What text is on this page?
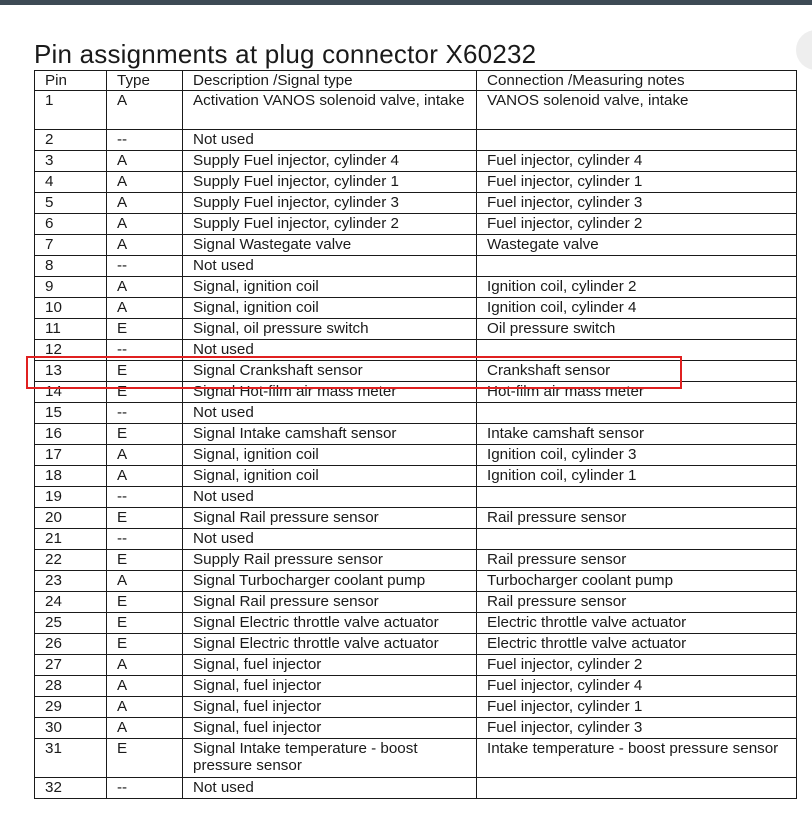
Pin assignments at plug connector X60232
Pin	Type	Description /Signal type	Connection /Measuring notes
1	A	Activation VANOS solenoid valve, intake	VANOS solenoid valve, intake
2	--	Not used	
3	A	Supply Fuel injector, cylinder 4	Fuel injector, cylinder 4
4	A	Supply Fuel injector, cylinder 1	Fuel injector, cylinder 1
5	A	Supply Fuel injector, cylinder 3	Fuel injector, cylinder 3
6	A	Supply Fuel injector, cylinder 2	Fuel injector, cylinder 2
7	A	Signal Wastegate valve	Wastegate valve
8	--	Not used	
9	A	Signal, ignition coil	Ignition coil, cylinder 2
10	A	Signal, ignition coil	Ignition coil, cylinder 4
11	E	Signal, oil pressure switch	Oil pressure switch
12	--	Not used	
13	E	Signal Crankshaft sensor	Crankshaft sensor
14	E	Signal Hot-film air mass meter	Hot-film air mass meter
15	--	Not used	
16	E	Signal Intake camshaft sensor	Intake camshaft sensor
17	A	Signal, ignition coil	Ignition coil, cylinder 3
18	A	Signal, ignition coil	Ignition coil, cylinder 1
19	--	Not used	
20	E	Signal Rail pressure sensor	Rail pressure sensor
21	--	Not used	
22	E	Supply Rail pressure sensor	Rail pressure sensor
23	A	Signal Turbocharger coolant pump	Turbocharger coolant pump
24	E	Signal Rail pressure sensor	Rail pressure sensor
25	E	Signal Electric throttle valve actuator	Electric throttle valve actuator
26	E	Signal Electric throttle valve actuator	Electric throttle valve actuator
27	A	Signal, fuel injector	Fuel injector, cylinder 2
28	A	Signal, fuel injector	Fuel injector, cylinder 4
29	A	Signal, fuel injector	Fuel injector, cylinder 1
30	A	Signal, fuel injector	Fuel injector, cylinder 3
31	E	Signal Intake temperature - boost pressure sensor	Intake temperature - boost pressure sensor
32	--	Not used	
